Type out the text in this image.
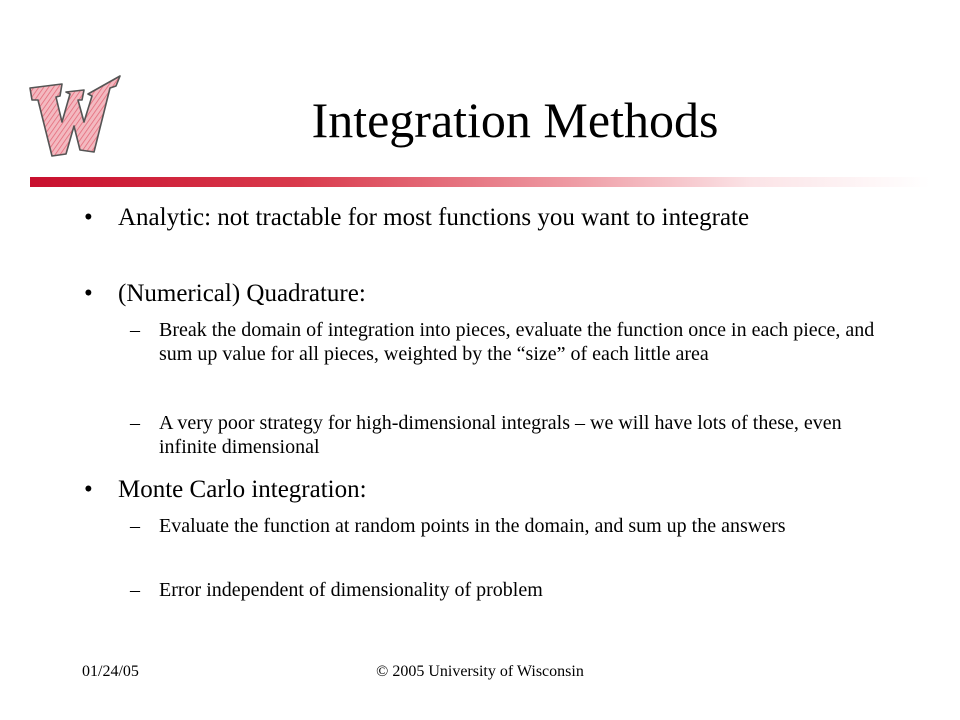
Integration Methods
•	Analytic: not tractable for most functions you want to integrate
•	(Numerical) Quadrature:
– Break the domain of integration into pieces, evaluate the function once in each piece, and sum up value for all pieces, weighted by the “size” of each little area
– A very poor strategy for high-dimensional integrals – we will have lots of these, even infinite dimensional
•	Monte Carlo integration:
– Evaluate the function at random points in the domain, and sum up the answers
– Error independent of dimensionality of problem
01/24/05	© 2005 University of Wisconsin
